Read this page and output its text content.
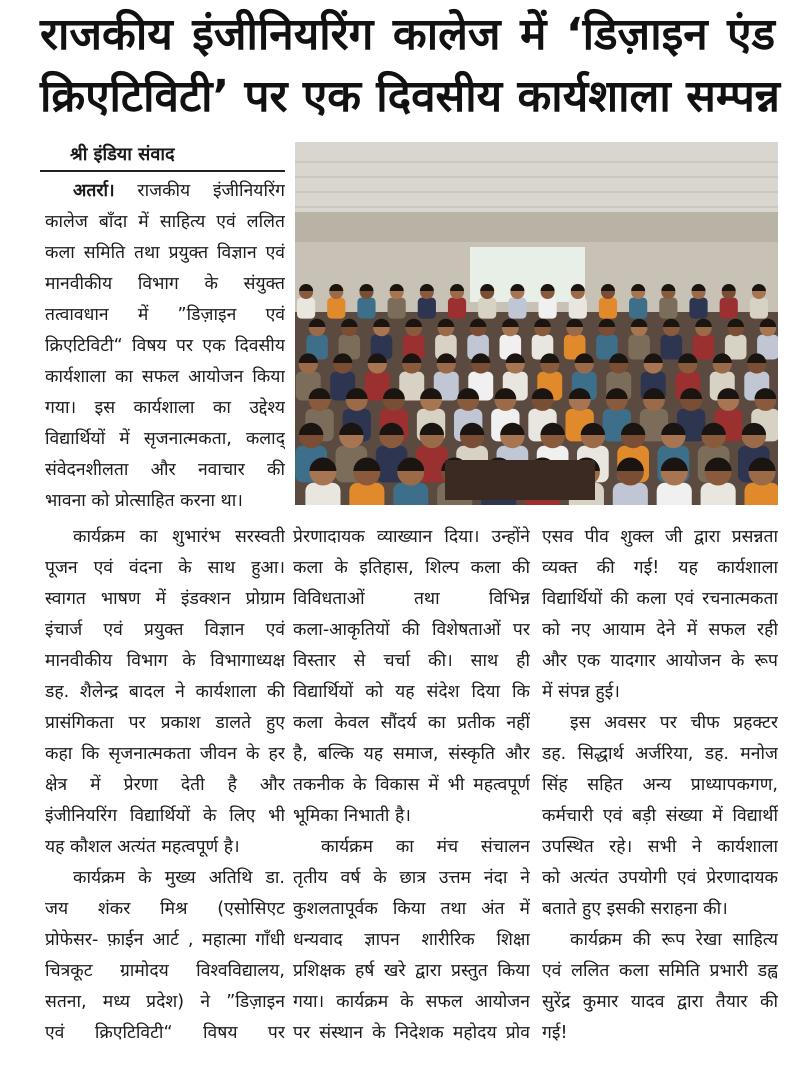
राजकीय इंजीनियरिंग कालेज में ‘डिज़ाइन एंड
क्रिएटिविटी’ पर एक दिवसीय कार्यशाला सम्पन्न
श्री इंडिया संवाद
अतर्रा। राजकीय इंजीनियरिंग
कालेज बाँदा में साहित्य एवं ललित
कला समिति तथा प्रयुक्त विज्ञान एवं
मानवीकीय विभाग के संयुक्त
तत्वावधान में ”डिज़ाइन एवं
क्रिएटिविटी“ विषय पर एक दिवसीय
कार्यशाला का सफल आयोजन किया
गया। इस कार्यशाला का उद्देश्य
विद्यार्थियों में सृजनात्मकता, कलाद्
संवेदनशीलता और नवाचार की
भावना को प्रोत्साहित करना था।
कार्यक्रम का शुभारंभ सरस्वती
पूजन एवं वंदना के साथ हुआ।
स्वागत भाषण में इंडक्शन प्रोग्राम
इंचार्ज एवं प्रयुक्त विज्ञान एवं
मानवीकीय विभाग के विभागाध्यक्ष
डह. शैलेन्द्र बादल ने कार्यशाला की
प्रासंगिकता पर प्रकाश डालते हुए
कहा कि सृजनात्मकता जीवन के हर
क्षेत्र में प्रेरणा देती है और
इंजीनियरिंग विद्यार्थियों के लिए भी
यह कौशल अत्यंत महत्वपूर्ण है।
कार्यक्रम के मुख्य अतिथि डा.
जय शंकर मिश्र (एसोसिएट
प्रोफेसर- फ़ाईन आर्ट , महात्मा गाँधी
चित्रकूट ग्रामोदय विश्वविद्यालय,
सतना, मध्य प्रदेश) ने ”डिज़ाइन
एवं क्रिएटिविटी“ विषय पर
प्रेरणादायक व्याख्यान दिया। उन्होंने
कला के इतिहास, शिल्प कला की
विविधताओं तथा विभिन्न
कला-आकृतियों की विशेषताओं पर
विस्तार से चर्चा की। साथ ही
विद्यार्थियों को यह संदेश दिया कि
कला केवल सौंदर्य का प्रतीक नहीं
है, बल्कि यह समाज, संस्कृति और
तकनीक के विकास में भी महत्वपूर्ण
भूमिका निभाती है।
कार्यक्रम का मंच संचालन
तृतीय वर्ष के छात्र उत्तम नंदा ने
कुशलतापूर्वक किया तथा अंत में
धन्यवाद ज्ञापन शारीरिक शिक्षा
प्रशिक्षक हर्ष खरे द्वारा प्रस्तुत किया
गया। कार्यक्रम के सफल आयोजन
पर संस्थान के निदेशक महोदय प्रोव
एसव पीव शुक्ल जी द्वारा प्रसन्नता
व्यक्त की गई! यह कार्यशाला
विद्यार्थियों की कला एवं रचनात्मकता
को नए आयाम देने में सफल रही
और एक यादगार आयोजन के रूप
में संपन्न हुई।
इस अवसर पर चीफ प्रहक्टर
डह. सिद्धार्थ अर्जरिया, डह. मनोज
सिंह सहित अन्य प्राध्यापकगण,
कर्मचारी एवं बड़ी संख्या में विद्यार्थी
उपस्थित रहे। सभी ने कार्यशाला
को अत्यंत उपयोगी एवं प्रेरणादायक
बताते हुए इसकी सराहना की।
कार्यक्रम की रूप रेखा साहित्य
एवं ललित कला समिति प्रभारी डह्व
सुरेंद्र कुमार यादव द्वारा तैयार की
गई!
